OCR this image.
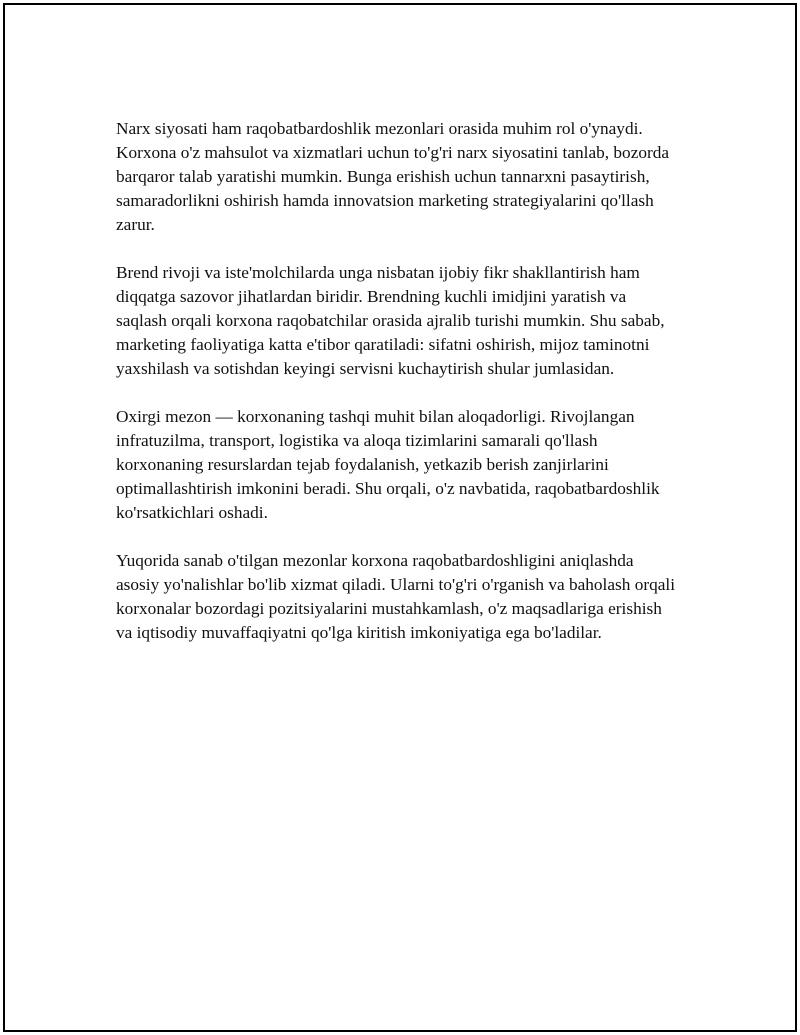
Narx siyosati ham raqobatbardoshlik mezonlari orasida muhim rol o'ynaydi. Korxona o'z mahsulot va xizmatlari uchun to'g'ri narx siyosatini tanlab, bozorda barqaror talab yaratishi mumkin. Bunga erishish uchun tannarxni pasaytirish, samaradorlikni oshirish hamda innovatsion marketing strategiyalarini qo'llash zarur.

Brend rivoji va iste'molchilarda unga nisbatan ijobiy fikr shakllantirish ham diqqatga sazovor jihatlardan biridir. Brendning kuchli imidjini yaratish va saqlash orqali korxona raqobatchilar orasida ajralib turishi mumkin. Shu sabab, marketing faoliyatiga katta e'tibor qaratiladi: sifatni oshirish, mijoz taminotni yaxshilash va sotishdan keyingi servisni kuchaytirish shular jumlasidan.

Oxirgi mezon — korxonaning tashqi muhit bilan aloqadorligi. Rivojlangan infratuzilma, transport, logistika va aloqa tizimlarini samarali qo'llash korxonaning resurslardan tejab foydalanish, yetkazib berish zanjirlarini optimallashtirish imkonini beradi. Shu orqali, o'z navbatida, raqobatbardoshlik ko'rsatkichlari oshadi.

Yuqorida sanab o'tilgan mezonlar korxona raqobatbardoshligini aniqlashda asosiy yo'nalishlar bo'lib xizmat qiladi. Ularni to'g'ri o'rganish va baholash orqali korxonalar bozordagi pozitsiyalarini mustahkamlash, o'z maqsadlariga erishish va iqtisodiy muvaffaqiyatni qo'lga kiritish imkoniyatiga ega bo'ladilar.
